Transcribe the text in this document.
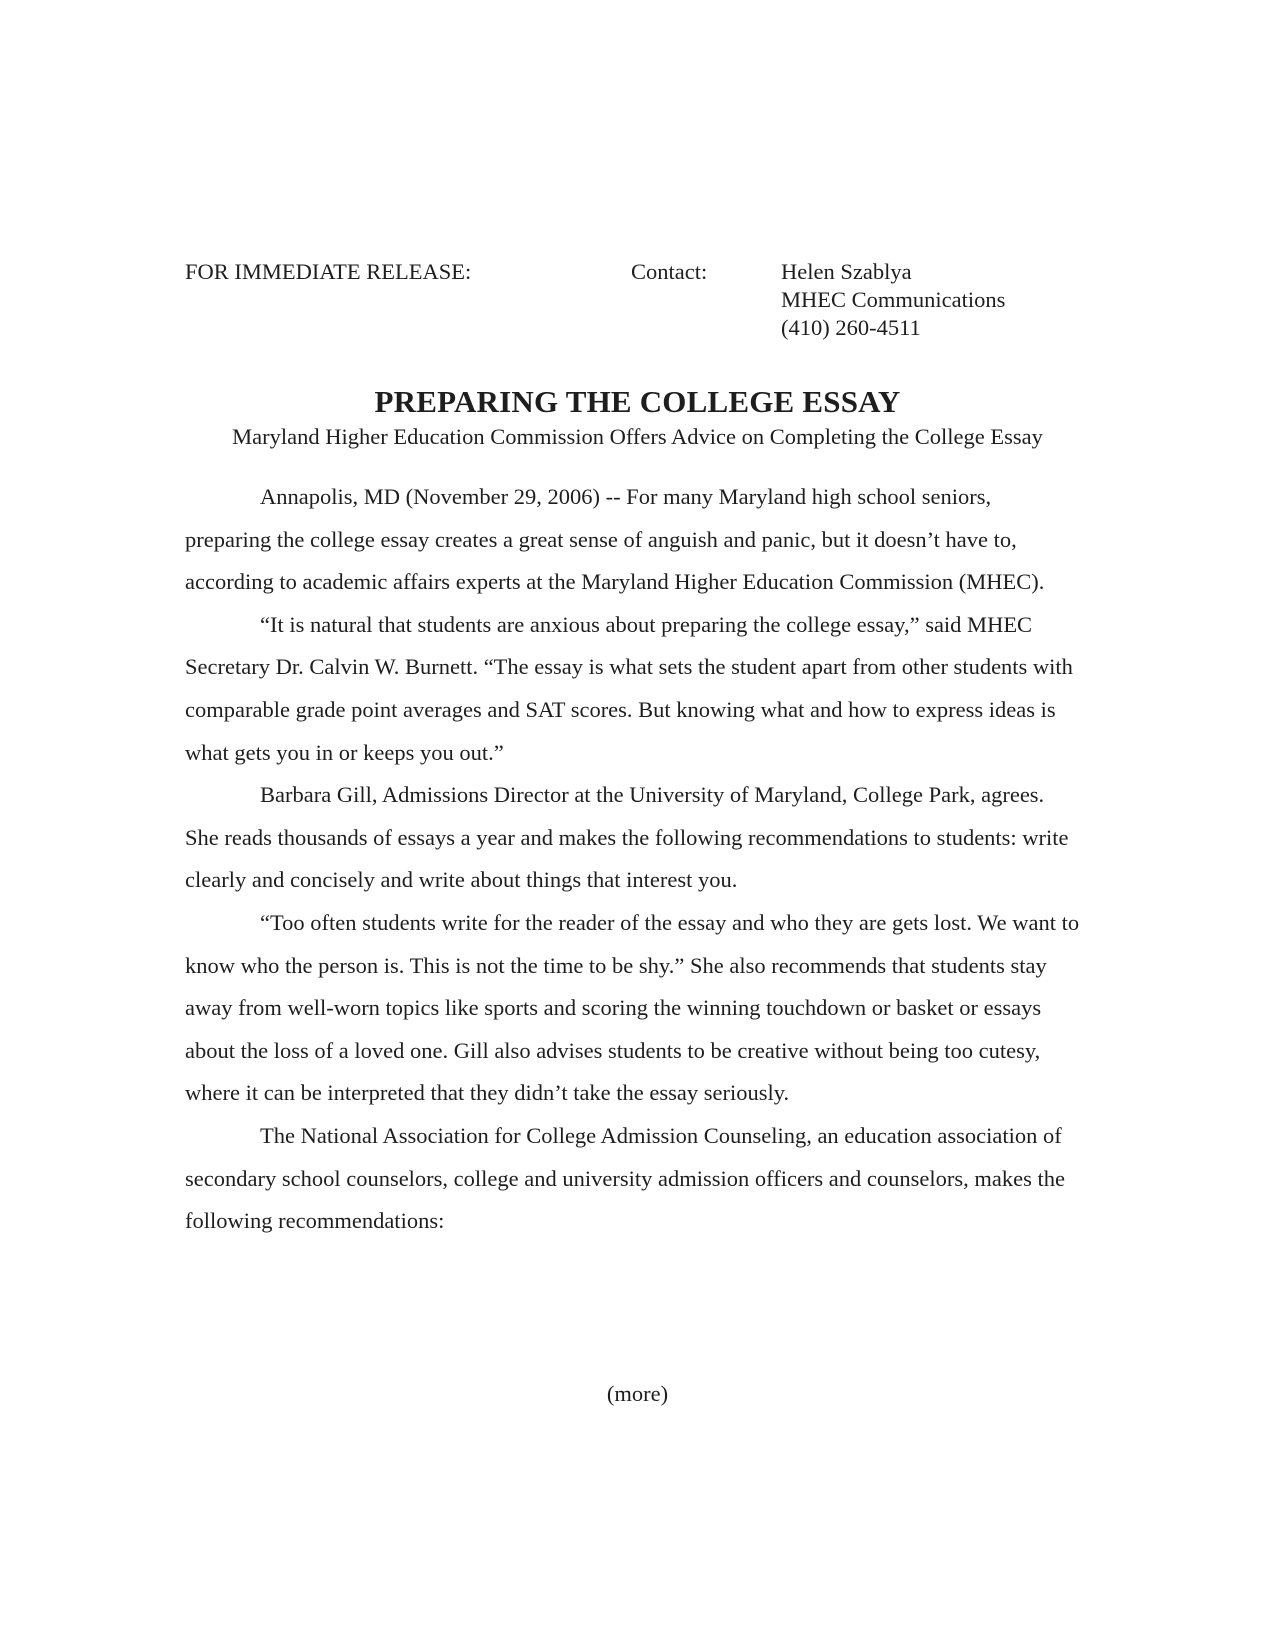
FOR IMMEDIATE RELEASE:	Contact:	Helen Szablya
MHEC Communications
(410) 260-4511
PREPARING THE COLLEGE ESSAY
Maryland Higher Education Commission Offers Advice on Completing the College Essay

Annapolis, MD (November 29, 2006) -- For many Maryland high school seniors, preparing the college essay creates a great sense of anguish and panic, but it doesn’t have to, according to academic affairs experts at the Maryland Higher Education Commission (MHEC).

“It is natural that students are anxious about preparing the college essay,” said MHEC Secretary Dr. Calvin W. Burnett. “The essay is what sets the student apart from other students with comparable grade point averages and SAT scores. But knowing what and how to express ideas is what gets you in or keeps you out.”

Barbara Gill, Admissions Director at the University of Maryland, College Park, agrees. She reads thousands of essays a year and makes the following recommendations to students: write clearly and concisely and write about things that interest you.

“Too often students write for the reader of the essay and who they are gets lost. We want to know who the person is. This is not the time to be shy.” She also recommends that students stay away from well-worn topics like sports and scoring the winning touchdown or basket or essays about the loss of a loved one. Gill also advises students to be creative without being too cutesy, where it can be interpreted that they didn’t take the essay seriously.

The National Association for College Admission Counseling, an education association of secondary school counselors, college and university admission officers and counselors, makes the following recommendations:

(more)
